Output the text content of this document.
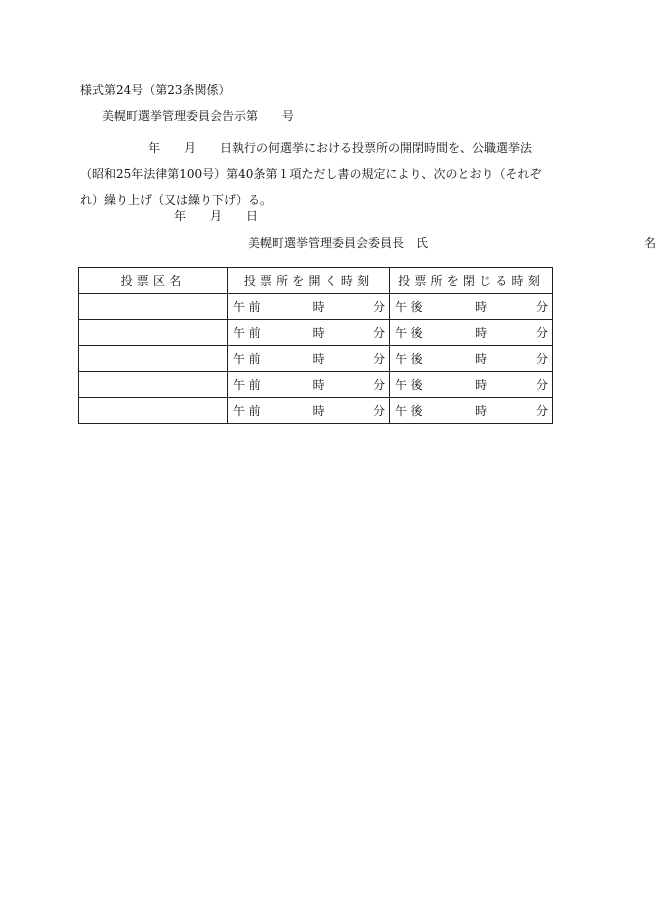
様式第24号（第23条関係）
美幌町選挙管理委員会告示第　　号
年　　月　　日執行の何選挙における投票所の開閉時間を、公職選挙法（昭和25年法律第100号）第40条第１項ただし書の規定により、次のとおり（それぞれ）繰り上げ（又は繰り下げ）る。
年 月 日
美幌町選挙管理委員会委員長　氏	名
投票区名	投票所を開く時刻	投票所を閉じる時刻

	午前 時 分	午後 時 分

	午前 時 分	午後 時 分

	午前 時 分	午後 時 分

	午前 時 分	午後 時 分

	午前 時 分	午後 時 分
